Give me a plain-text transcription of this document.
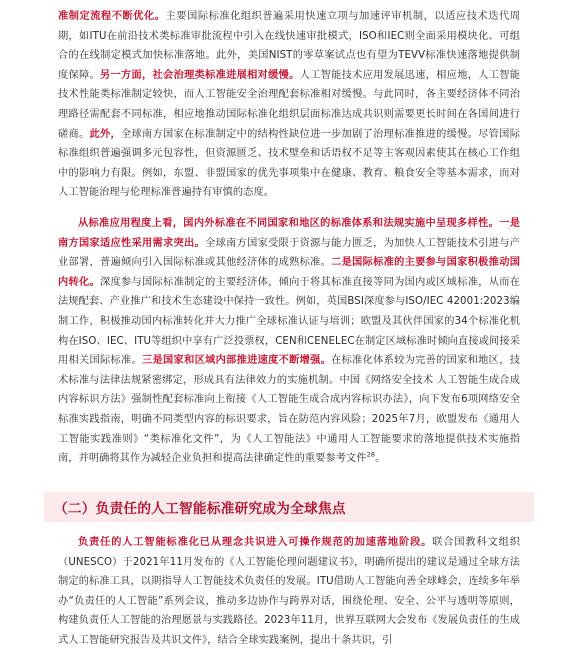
准制定流程不断优化。主要国际标准化组织普遍采用快速立项与加速评审机制，以适应技术迭代周期，如ITU在前沿技术类标准审批流程中引入在线快速审批模式，ISO和IEC则全面采用模块化、可组合的在线制定模式加快标准落地。此外，美国NIST的零草案试点也有望为TEVV标准快速落地提供制度保障。另一方面，社会治理类标准进展相对缓慢。人工智能技术应用发展迅速，相应地，人工智能技术性能类标准制定较快，而人工智能安全治理配套标准相对缓慢。与此同时，各主要经济体不同治理路径需配套不同标准，相应地推动国际标准化组织层面标准达成共识则需要更长时间在各国间进行磋商。此外，全球南方国家在标准制定中的结构性缺位进一步加剧了治理标准推进的缓慢。尽管国际标准组织普遍强调多元包容性，但资源匮乏、技术壁垒和话语权不足等主客观因素使其在核心工作组中的影响力有限。例如，东盟、非盟国家的优先事项集中在健康、教育、粮食安全等基本需求，而对人工智能治理与伦理标准普遍持有审慎的态度。

从标准应用程度上看，国内外标准在不同国家和地区的标准体系和法规实施中呈现多样性。一是南方国家适应性采用需求突出。全球南方国家受限于资源与能力匮乏，为加快人工智能技术引进与产业部署，普遍倾向引入国际标准或其他经济体的成熟标准。二是国际标准的主要参与国家积极推动国内转化。深度参与国际标准制定的主要经济体，倾向于将其标准直接等同为国内或区域标准，从而在法规配套、产业推广和技术生态建设中保持一致性。例如，英国BSI深度参与ISO/IEC 42001:2023编制工作，积极推动国内标准转化并大力推广全球标准认证与培训；欧盟及其伙伴国家的34个标准化机构在ISO、IEC、ITU等组织中享有广泛投票权，CEN和CENELEC在制定区域标准时倾向直接或间接采用相关国际标准。三是国家和区域内部推进速度不断增强。在标准化体系较为完善的国家和地区，技术标准与法律法规紧密绑定，形成具有法律效力的实施机制。中国《网络安全技术 人工智能生成合成内容标识方法》强制性配套标准向上衔接《人工智能生成合成内容标识办法》，向下发布6项网络安全标准实践指南，明确不同类型内容的标识要求，旨在防范内容风险；2025年7月，欧盟发布《通用人工智能实践准则》“类标准化文件”，为《人工智能法》中通用人工智能要求的落地提供技术实施指南，并明确将其作为减轻企业负担和提高法律确定性的重要参考文件$^{28}$。

（二）负责任的人工智能标准研究成为全球焦点

负责任的人工智能标准化已从理念共识进入可操作规范的加速落地阶段。联合国教科文组织（UNESCO）于2021年11月发布的《人工智能伦理问题建议书》，明确所提出的建议是通过全球方法制定的标准工具，以期指导人工智能技术负责任的发展。ITU借助人工智能向善全球峰会，连续多年举办“负责任的人工智能”系列会议，推动多边协作与跨界对话，围绕伦理、安全、公平与透明等原则，构建负责任人工智能的治理愿景与实践路径。2023年11月，世界互联网大会发布《发展负责任的生成式人工智能研究报告及共识文件》，结合全球实践案例，提出十条共识，引
